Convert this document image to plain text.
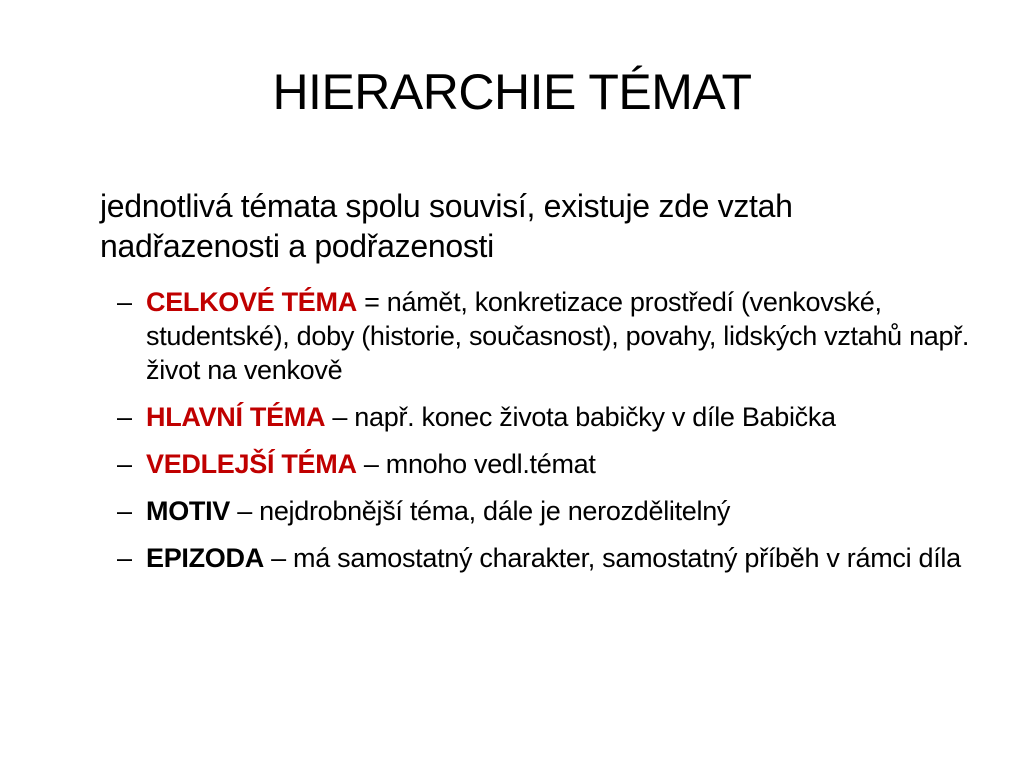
HIERARCHIE TÉMAT

jednotlivá témata spolu souvisí, existuje zde vztah nadřazenosti a podřazenosti

– CELKOVÉ TÉMA = námět, konkretizace prostředí (venkovské, studentské), doby (historie, současnost), povahy, lidských vztahů např. život na venkově
– HLAVNÍ TÉMA – např. konec života babičky v díle Babička
– VEDLEJŠÍ TÉMA – mnoho vedl.témat
– MOTIV – nejdrobnější téma, dále je nerozdělitelný
– EPIZODA – má samostatný charakter, samostatný příběh v rámci díla
